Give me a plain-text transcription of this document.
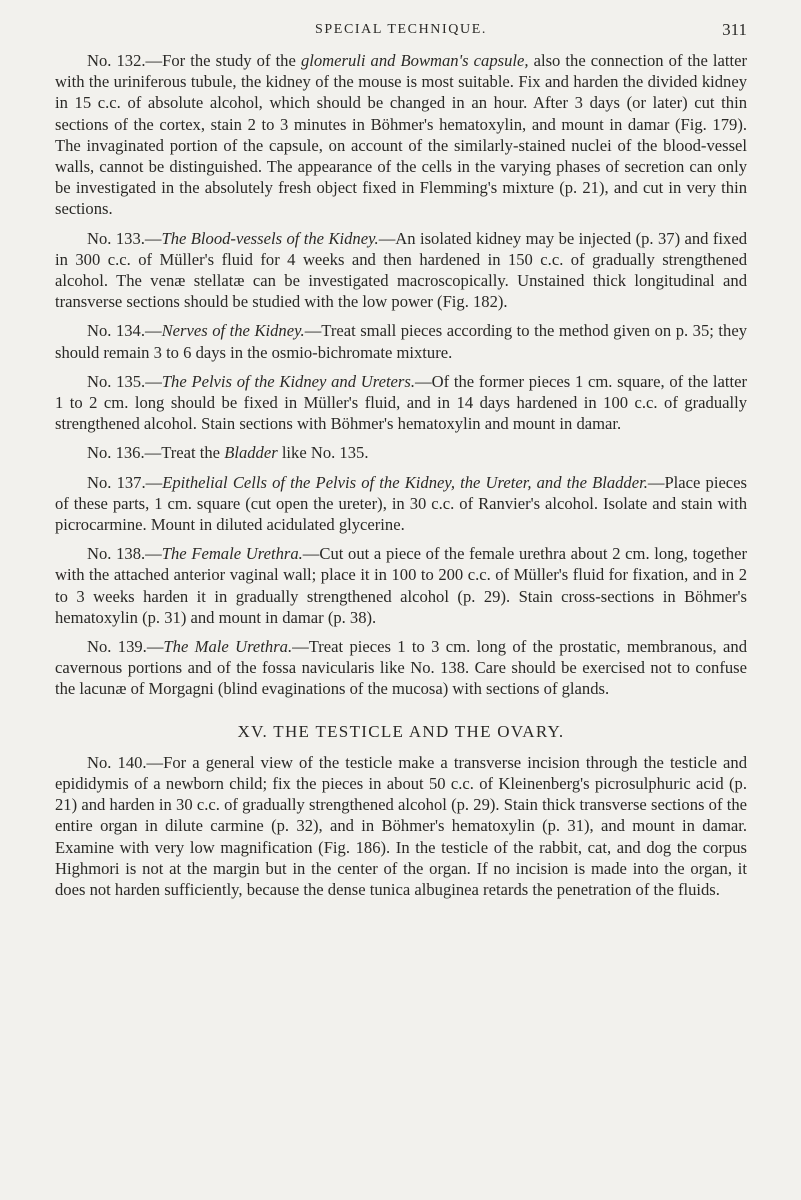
SPECIAL TECHNIQUE.	311

No. 132.—For the study of the glomeruli and Bowman's capsule, also the connection of the latter with the uriniferous tubule, the kidney of the mouse is most suitable. Fix and harden the divided kidney in 15 c.c. of absolute alcohol, which should be changed in an hour. After 3 days (or later) cut thin sections of the cortex, stain 2 to 3 minutes in Böhmer's hematoxylin, and mount in damar (Fig. 179). The invaginated portion of the capsule, on account of the similarly-stained nuclei of the blood-vessel walls, cannot be distinguished. The appearance of the cells in the varying phases of secretion can only be investigated in the absolutely fresh object fixed in Flemming's mixture (p. 21), and cut in very thin sections.

No. 133.—The Blood-vessels of the Kidney.—An isolated kidney may be injected (p. 37) and fixed in 300 c.c. of Müller's fluid for 4 weeks and then hardened in 150 c.c. of gradually strengthened alcohol. The venæ stellatæ can be investigated macroscopically. Unstained thick longitudinal and transverse sections should be studied with the low power (Fig. 182).

No. 134.—Nerves of the Kidney.—Treat small pieces according to the method given on p. 35; they should remain 3 to 6 days in the osmio-bichromate mixture.

No. 135.—The Pelvis of the Kidney and Ureters.—Of the former pieces 1 cm. square, of the latter 1 to 2 cm. long should be fixed in Müller's fluid, and in 14 days hardened in 100 c.c. of gradually strengthened alcohol. Stain sections with Böhmer's hematoxylin and mount in damar.

No. 136.—Treat the Bladder like No. 135.

No. 137.—Epithelial Cells of the Pelvis of the Kidney, the Ureter, and the Bladder.—Place pieces of these parts, 1 cm. square (cut open the ureter), in 30 c.c. of Ranvier's alcohol. Isolate and stain with picrocarmine. Mount in diluted acidulated glycerine.

No. 138.—The Female Urethra.—Cut out a piece of the female urethra about 2 cm. long, together with the attached anterior vaginal wall; place it in 100 to 200 c.c. of Müller's fluid for fixation, and in 2 to 3 weeks harden it in gradually strengthened alcohol (p. 29). Stain cross-sections in Böhmer's hematoxylin (p. 31) and mount in damar (p. 38).

No. 139.—The Male Urethra.—Treat pieces 1 to 3 cm. long of the prostatic, membranous, and cavernous portions and of the fossa navicularis like No. 138. Care should be exercised not to confuse the lacunæ of Morgagni (blind evaginations of the mucosa) with sections of glands.

XV. THE TESTICLE AND THE OVARY.

No. 140.—For a general view of the testicle make a transverse incision through the testicle and epididymis of a newborn child; fix the pieces in about 50 c.c. of Kleinenberg's picrosulphuric acid (p. 21) and harden in 30 c.c. of gradually strengthened alcohol (p. 29). Stain thick transverse sections of the entire organ in dilute carmine (p. 32), and in Böhmer's hematoxylin (p. 31), and mount in damar. Examine with very low magnification (Fig. 186). In the testicle of the rabbit, cat, and dog the corpus Highmori is not at the margin but in the center of the organ. If no incision is made into the organ, it does not harden sufficiently, because the dense tunica albuginea retards the penetration of the fluids.
